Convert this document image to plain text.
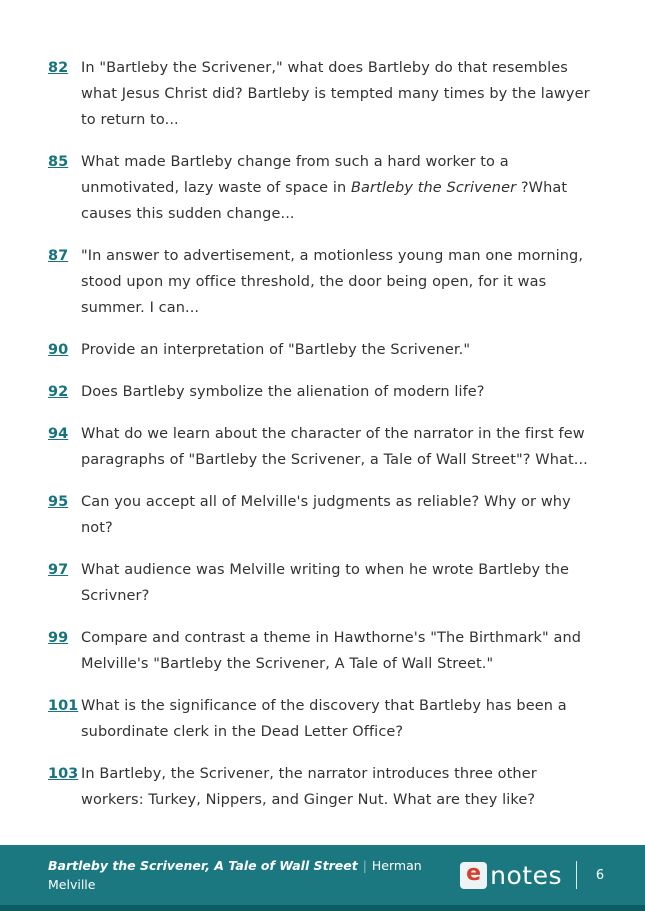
82 In "Bartleby the Scrivener," what does Bartleby do that resembles what Jesus Christ did? Bartleby is tempted many times by the lawyer to return to...
85 What made Bartleby change from such a hard worker to a unmotivated, lazy waste of space in Bartleby the Scrivener ?What causes this sudden change...
87 "In answer to advertisement, a motionless young man one morning, stood upon my office threshold, the door being open, for it was summer. I can...
90 Provide an interpretation of "Bartleby the Scrivener."
92 Does Bartleby symbolize the alienation of modern life?
94 What do we learn about the character of the narrator in the first few paragraphs of "Bartleby the Scrivener, a Tale of Wall Street"? What...
95 Can you accept all of Melville's judgments as reliable? Why or why not?
97 What audience was Melville writing to when he wrote Bartleby the Scrivner?
99 Compare and contrast a theme in Hawthorne's "The Birthmark" and Melville's "Bartleby the Scrivener, A Tale of Wall Street."
101 What is the significance of the discovery that Bartleby has been a subordinate clerk in the Dead Letter Office?
103 In Bartleby, the Scrivener, the narrator introduces three other workers: Turkey, Nippers, and Ginger Nut. What are they like?
Bartleby the Scrivener, A Tale of Wall Street | Herman Melville	e notes	6
